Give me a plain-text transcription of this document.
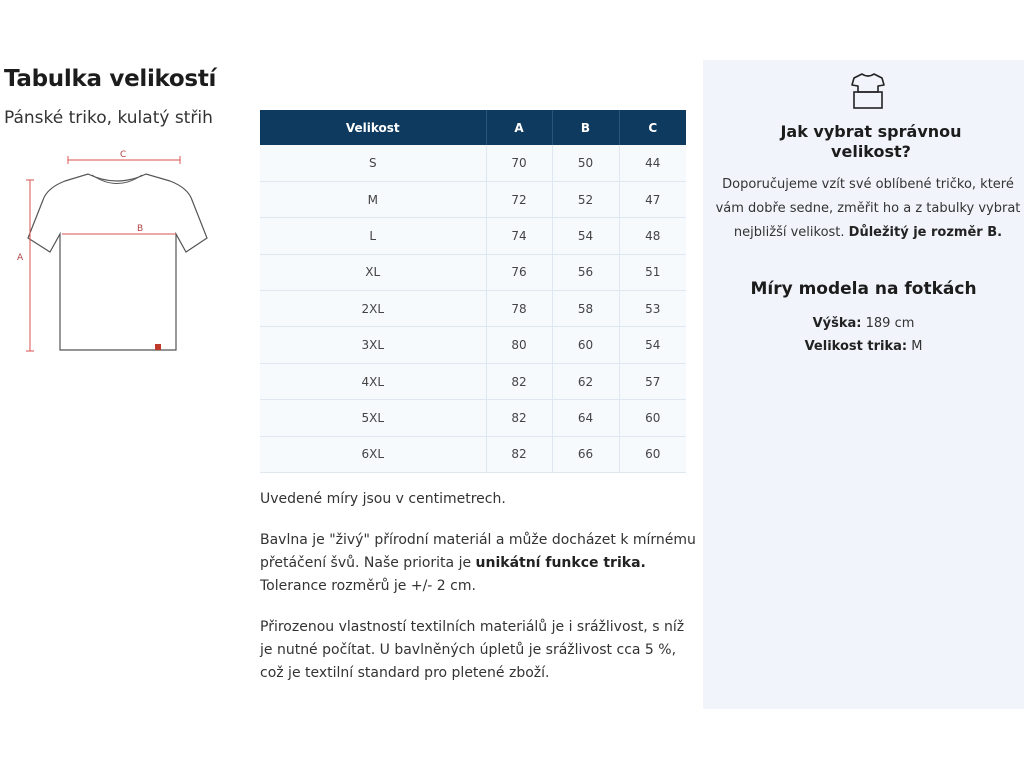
Tabulka velikostí
Pánské triko, kulatý střih
C
B
A
Velikost	A	B	C
S	70	50	44
M	72	52	47
L	74	54	48
XL	76	56	51
2XL	78	58	53
3XL	80	60	54
4XL	82	62	57
5XL	82	64	60
6XL	82	66	60

Uvedené míry jsou v centimetrech.

Bavlna je "živý" přírodní materiál a může docházet k mírnému přetáčení švů. Naše priorita je unikátní funkce trika. Tolerance rozměrů je +/- 2 cm.

Přirozenou vlastností textilních materiálů je i srážlivost, s níž je nutné počítat. U bavlněných úpletů je srážlivost cca 5 %, což je textilní standard pro pletené zboží.

Jak vybrat správnou velikost?
Doporučujeme vzít své oblíbené tričko, které vám dobře sedne, změřit ho a z tabulky vybrat nejbližší velikost. Důležitý je rozměr B.
Míry modela na fotkách
Výška: 189 cm
Velikost trika: M
